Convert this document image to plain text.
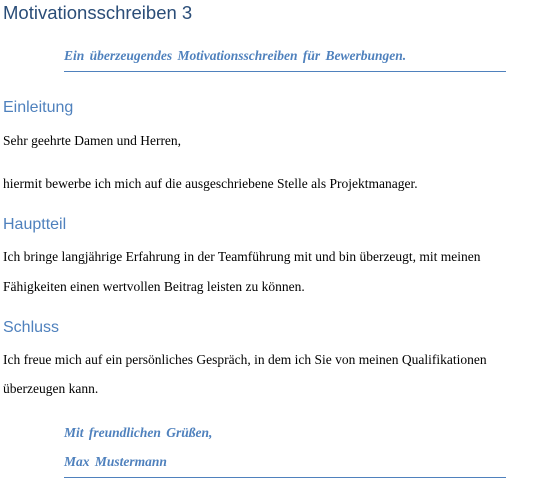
Motivationsschreiben 3

Ein überzeugendes Motivationsschreiben für Bewerbungen.

Einleitung

Sehr geehrte Damen und Herren,

hiermit bewerbe ich mich auf die ausgeschriebene Stelle als Projektmanager.

Hauptteil

Ich bringe langjährige Erfahrung in der Teamführung mit und bin überzeugt, mit meinen

Fähigkeiten einen wertvollen Beitrag leisten zu können.

Schluss

Ich freue mich auf ein persönliches Gespräch, in dem ich Sie von meinen Qualifikationen

überzeugen kann.

Mit freundlichen Grüßen,

Max Mustermann
